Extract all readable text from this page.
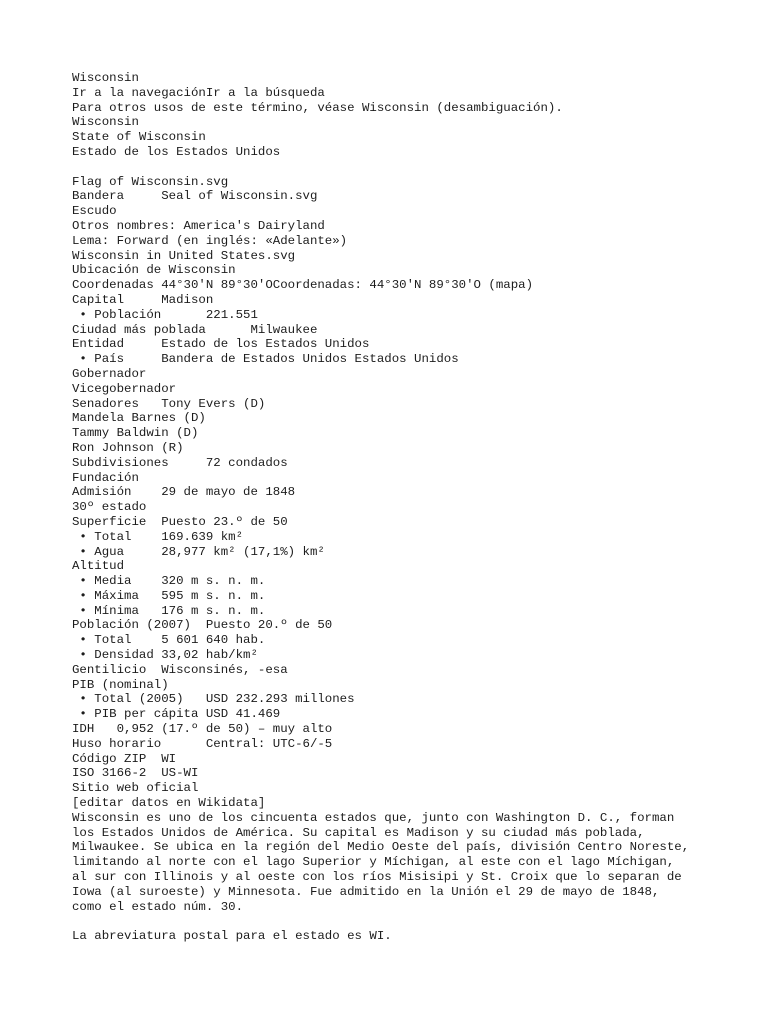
Wisconsin
Ir a la navegaciónIr a la búsqueda
Para otros usos de este término, véase Wisconsin (desambiguación).
Wisconsin
State of Wisconsin
Estado de los Estados Unidos
Flag of Wisconsin.svg
Bandera     Seal of Wisconsin.svg
Escudo
Otros nombres: America's Dairyland
Lema: Forward (en inglés: «Adelante»)
Wisconsin in United States.svg
Ubicación de Wisconsin
Coordenadas 44°30′N 89°30′OCoordenadas: 44°30′N 89°30′O (mapa)
Capital     Madison
• Población      221.551
Ciudad más poblada      Milwaukee
Entidad     Estado de los Estados Unidos
• País     Bandera de Estados Unidos Estados Unidos
Gobernador
Vicegobernador
Senadores   Tony Evers (D)
Mandela Barnes (D)
Tammy Baldwin (D)
Ron Johnson (R)
Subdivisiones     72 condados
Fundación
Admisión    29 de mayo de 1848
30º estado
Superficie  Puesto 23.º de 50
• Total    169.639 km²
• Agua     28,977 km² (17,1%) km²
Altitud
• Media    320 m s. n. m.
• Máxima   595 m s. n. m.
• Mínima   176 m s. n. m.
Población (2007)  Puesto 20.º de 50
• Total    5 601 640 hab.
• Densidad 33,02 hab/km²
Gentilicio  Wisconsinés, -esa
PIB (nominal)
• Total (2005)   USD 232.293 millones
• PIB per cápita USD 41.469
IDH   0,952 (17.º de 50) – muy alto
Huso horario      Central: UTC-6/-5
Código ZIP  WI
ISO 3166-2  US-WI
Sitio web oficial
[editar datos en Wikidata]
Wisconsin es uno de los cincuenta estados que, junto con Washington D. C., forman
los Estados Unidos de América. Su capital es Madison y su ciudad más poblada,
Milwaukee. Se ubica en la región del Medio Oeste del país, división Centro Noreste,
limitando al norte con el lago Superior y Míchigan, al este con el lago Míchigan,
al sur con Illinois y al oeste con los ríos Misisipi y St. Croix que lo separan de
Iowa (al suroeste) y Minnesota. Fue admitido en la Unión el 29 de mayo de 1848,
como el estado núm. 30.
La abreviatura postal para el estado es WI.
